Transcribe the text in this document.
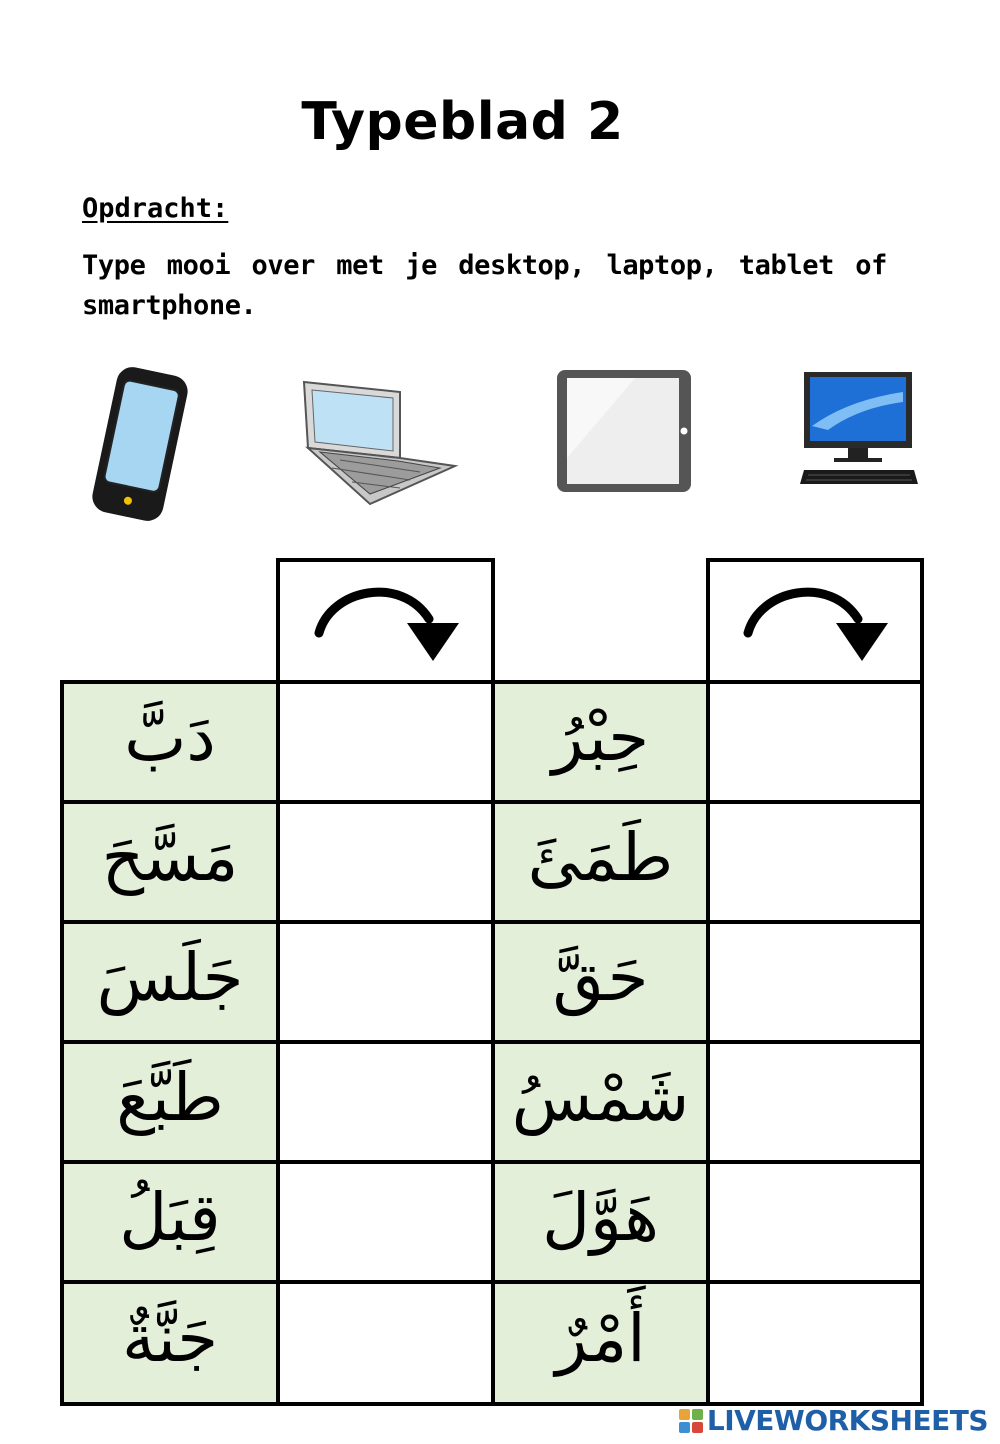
Typeblad 2
Opdracht:
Type mooi over met je desktop, laptop, tablet of smartphone.
دَبَّ	حِبْرُ
مَسَّحَ	طَمَئَ
جَلَسَ	حَقَّ
طَبَّعَ	شَمْسُ
قِبَلُ	هَوَّلَ
جَنَّةٌ	أَمْرٌ
LIVEWORKSHEETS
